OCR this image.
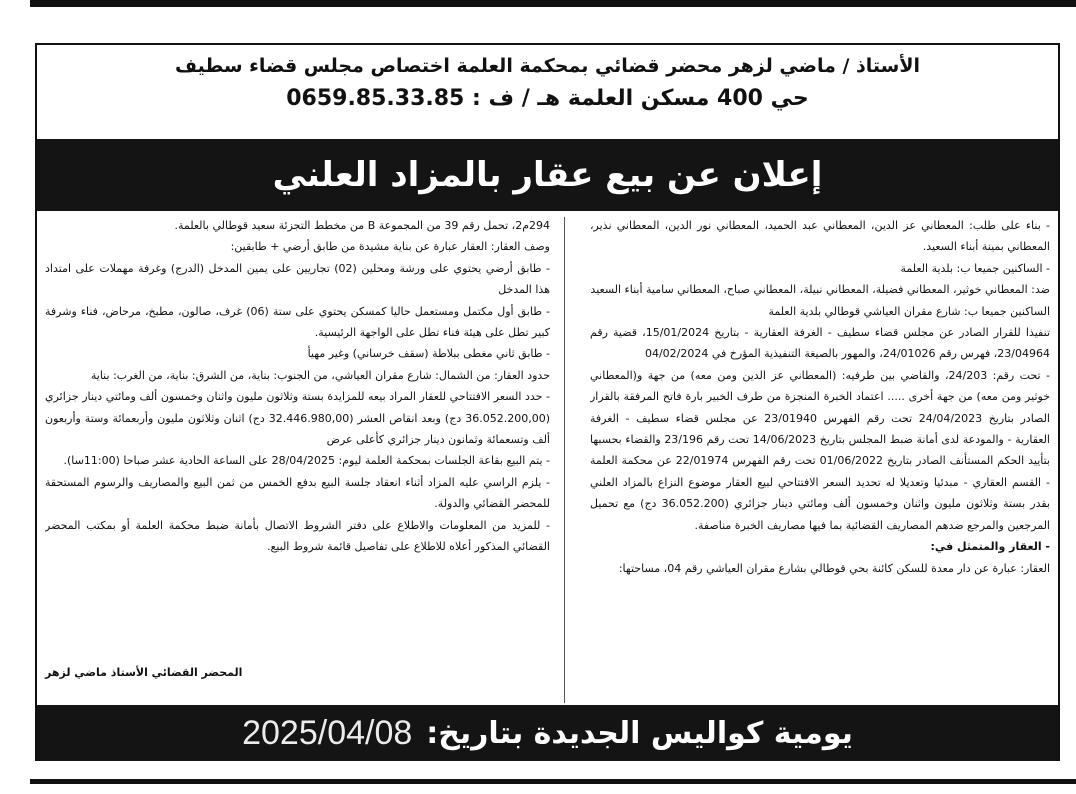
الأستاذ / ماضي لزهر محضر قضائي بمحكمة العلمة اختصاص مجلس قضاء سطيف
حي 400 مسكن العلمة هـ / ف : 0659.85.33.85
إعلان عن بيع عقار بالمزاد العلني

- بناء على طلب: المعطاني عز الدين، المعطاني عبد الحميد، المعطاني نور الدين، المعطاني نذير، المعطاني بمينة أبناء السعيد.

- الساكنين جميعا ب: بلدية العلمة

ضد: المعطاني خوثير، المعطاني فضيلة، المعطاني نبيلة، المعطاني صباح، المعطاني سامية أبناء السعيد

الساكنين جميعا ب: شارع مقران العياشي قوطالي بلدية العلمة

تنفيذا للقرار الصادر عن مجلس قضاء سطيف - الغرفة العقارية - بتاريخ 15/01/2024، قضية رقم 23/04964، فهرس رقم 24/01026، والمهور بالصيغة التنفيذية المؤرخ في 04/02/2024

- تحت رقم: 24/203، والقاضي بين طرفيه: (المعطاني عز الدين ومن معه) من جهة و(المعطاني خوثير ومن معه) من جهة أخرى ..... اعتماد الخبرة المنجزة من طرف الخبير بارة فاتح المرفقة بالقرار الصادر بتاريخ 24/04/2023 تحت رقم الفهرس 23/01940 عن مجلس قضاء سطيف - الغرفة العقارية - والمودعة لدى أمانة ضبط المجلس بتاريخ 14/06/2023 تحت رقم 23/196 والقضاء بحسبها بتأييد الحكم المستأنف الصادر بتاريخ 01/06/2022 تحت رقم الفهرس 22/01974 عن محكمة العلمة - القسم العقاري - مبدئيا وتعديلا له تحديد السعر الافتتاحي لبيع العقار موضوع النزاع بالمزاد العلني بقدر بستة وثلاثون مليون واثنان وخمسون ألف ومائتي دينار جزائري (36.052.200 دج) مع تحميل المرجعين والمرجع ضدهم المصاريف القضائية بما فيها مصاريف الخبرة مناصفة.

- العقار والمتمثل في:

العقار: عبارة عن دار معدة للسكن كائنة بحي قوطالي بشارع مقران العياشي رقم 04، مساحتها:

294م2، تحمل رقم 39 من المجموعة B من مخطط التجزئة سعيد قوطالي بالعلمة.

وصف العقار: العقار عبارة عن بناية مشيدة من طابق أرضي + طابقين:

- طابق أرضي يحتوي على ورشة ومحلين (02) تجاريين على يمين المدخل (الدرج) وغرفة مهملات على امتداد هذا المدخل

- طابق أول مكتمل ومستعمل حاليا كمسكن يحتوي على ستة (06) غرف، صالون، مطبخ، مرحاض، فناء وشرفة كبير تطل على هيئة فناء تطل على الواجهة الرئيسية.

- طابق ثاني مغطى ببلاطة (سقف خرساني) وغير مهيأ

حدود العقار: من الشمال: شارع مقران العياشي، من الجنوب: بناية، من الشرق: بناية، من الغرب: بناية

- حدد السعر الافتتاحي للعقار المراد بيعه للمزايدة بستة وثلاثون مليون واثنان وخمسون ألف ومائتي دينار جزائري (36.052.200,00 دج) وبعد انقاص العشر (32.446.980,00 دج) اثنان وثلاثون مليون وأربعمائة وستة وأربعون ألف وتسعمائة وثمانون دينار جزائري كأعلى عرض

- يتم البيع بقاعة الجلسات بمحكمة العلمة ليوم: 28/04/2025 على الساعة الحادية عشر صباحا (11:00سا).

- يلزم الراسي عليه المزاد أثناء انعقاد جلسة البيع بدفع الخمس من ثمن البيع والمصاريف والرسوم المستحقة للمحضر القضائي والدولة.

- للمزيد من المعلومات والاطلاع على دفتر الشروط الاتصال بأمانة ضبط محكمة العلمة أو بمكتب المحضر القضائي المذكور أعلاه للاطلاع على تفاصيل قائمة شروط البيع.

المحضر القضائي الأستاذ ماضي لزهر
يومية كواليس الجديدة بتاريخ:
2025/04/08
